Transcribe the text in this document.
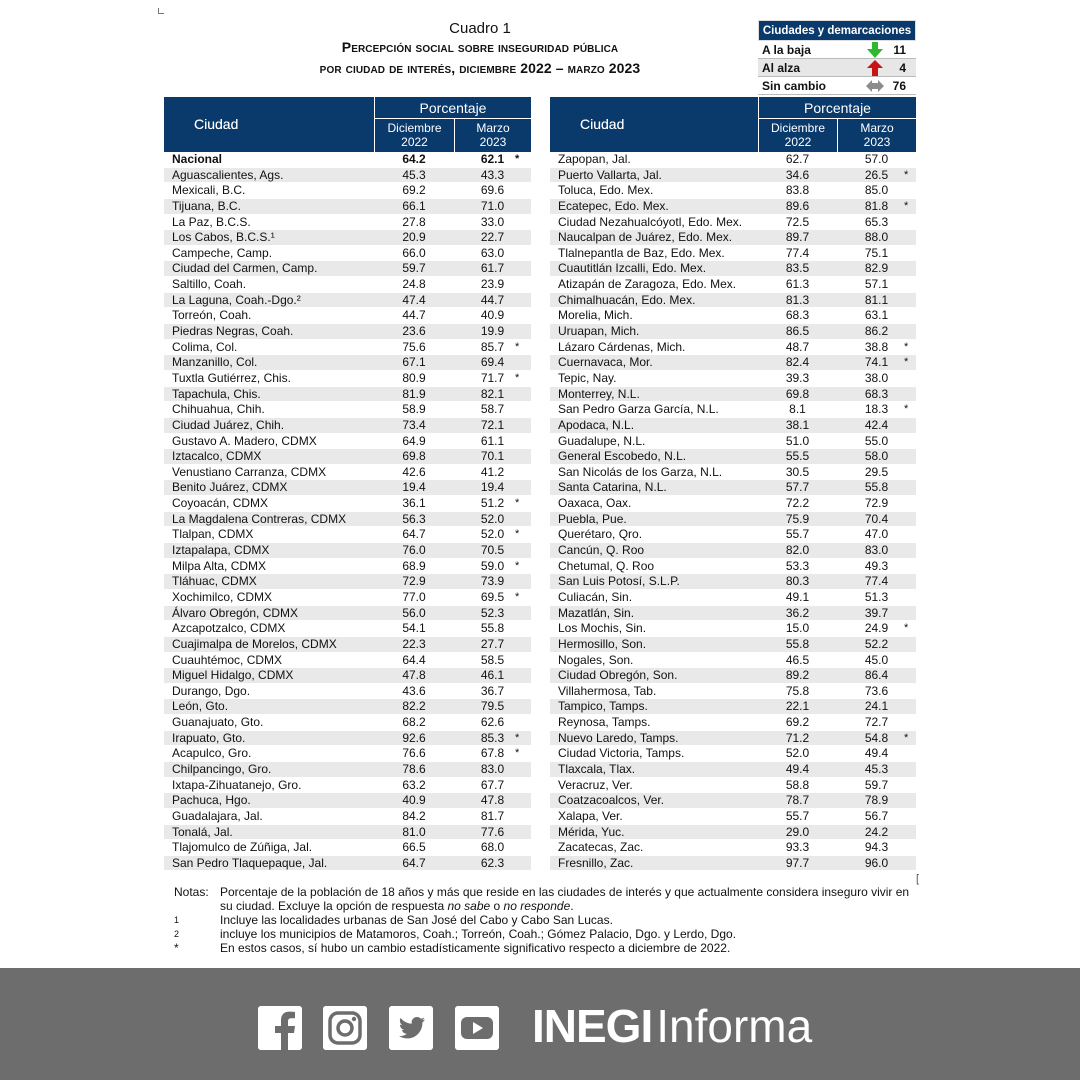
[
Cuadro 1
Percepción social sobre inseguridad pública
por ciudad de interés, diciembre 2022 – marzo 2023
Ciudades y demarcaciones
A la baja	11
Al alza	4
Sin cambio	76
Ciudad
Porcentaje
Diciembre
2022
Marzo
2023
Nacional	64.2	62.1 *
Aguascalientes, Ags.	45.3	43.3
Mexicali, B.C.	69.2	69.6
Tijuana, B.C.	66.1	71.0
La Paz, B.C.S.	27.8	33.0
Los Cabos, B.C.S.¹	20.9	22.7
Campeche, Camp.	66.0	63.0
Ciudad del Carmen, Camp.	59.7	61.7
Saltillo, Coah.	24.8	23.9
La Laguna, Coah.-Dgo.²	47.4	44.7
Torreón, Coah.	44.7	40.9
Piedras Negras, Coah.	23.6	19.9
Colima, Col.	75.6	85.7 *
Manzanillo, Col.	67.1	69.4
Tuxtla Gutiérrez, Chis.	80.9	71.7 *
Tapachula, Chis.	81.9	82.1
Chihuahua, Chih.	58.9	58.7
Ciudad Juárez, Chih.	73.4	72.1
Gustavo A. Madero, CDMX	64.9	61.1
Iztacalco, CDMX	69.8	70.1
Venustiano Carranza, CDMX	42.6	41.2
Benito Juárez, CDMX	19.4	19.4
Coyoacán, CDMX	36.1	51.2 *
La Magdalena Contreras, CDMX	56.3	52.0
Tlalpan, CDMX	64.7	52.0 *
Iztapalapa, CDMX	76.0	70.5
Milpa Alta, CDMX	68.9	59.0 *
Tláhuac, CDMX	72.9	73.9
Xochimilco, CDMX	77.0	69.5 *
Álvaro Obregón, CDMX	56.0	52.3
Azcapotzalco, CDMX	54.1	55.8
Cuajimalpa de Morelos, CDMX	22.3	27.7
Cuauhtémoc, CDMX	64.4	58.5
Miguel Hidalgo, CDMX	47.8	46.1
Durango, Dgo.	43.6	36.7
León, Gto.	82.2	79.5
Guanajuato, Gto.	68.2	62.6
Irapuato, Gto.	92.6	85.3 *
Acapulco, Gro.	76.6	67.8 *
Chilpancingo, Gro.	78.6	83.0
Ixtapa-Zihuatanejo, Gro.	63.2	67.7
Pachuca, Hgo.	40.9	47.8
Guadalajara, Jal.	84.2	81.7
Tonalá, Jal.	81.0	77.6
Tlajomulco de Zúñiga, Jal.	66.5	68.0
San Pedro Tlaquepaque, Jal.	64.7	62.3
Ciudad
Porcentaje
Diciembre
2022
Marzo
2023
Zapopan, Jal.	62.7	57.0
Puerto Vallarta, Jal.	34.6	26.5	*
Toluca, Edo. Mex.	83.8	85.0
Ecatepec, Edo. Mex.	89.6	81.8	*
Ciudad Nezahualcóyotl, Edo. Mex.	72.5	65.3
Naucalpan de Juárez, Edo. Mex.	89.7	88.0
Tlalnepantla de Baz, Edo. Mex.	77.4	75.1
Cuautitlán Izcalli, Edo. Mex.	83.5	82.9
Atizapán de Zaragoza, Edo. Mex.	61.3	57.1
Chimalhuacán, Edo. Mex.	81.3	81.1
Morelia, Mich.	68.3	63.1
Uruapan, Mich.	86.5	86.2
Lázaro Cárdenas, Mich.	48.7	38.8	*
Cuernavaca, Mor.	82.4	74.1	*
Tepic, Nay.	39.3	38.0
Monterrey, N.L.	69.8	68.3
San Pedro Garza García, N.L.	8.1	18.3	*
Apodaca, N.L.	38.1	42.4
Guadalupe, N.L.	51.0	55.0
General Escobedo, N.L.	55.5	58.0
San Nicolás de los Garza, N.L.	30.5	29.5
Santa Catarina, N.L.	57.7	55.8
Oaxaca, Oax.	72.2	72.9
Puebla, Pue.	75.9	70.4
Querétaro, Qro.	55.7	47.0
Cancún, Q. Roo	82.0	83.0
Chetumal, Q. Roo	53.3	49.3
San Luis Potosí, S.L.P.	80.3	77.4
Culiacán, Sin.	49.1	51.3
Mazatlán, Sin.	36.2	39.7
Los Mochis, Sin.	15.0	24.9	*
Hermosillo, Son.	55.8	52.2
Nogales, Son.	46.5	45.0
Ciudad Obregón, Son.	89.2	86.4
Villahermosa, Tab.	75.8	73.6
Tampico, Tamps.	22.1	24.1
Reynosa, Tamps.	69.2	72.7
Nuevo Laredo, Tamps.	71.2	54.8	*
Ciudad Victoria, Tamps.	52.0	49.4
Tlaxcala, Tlax.	49.4	45.3
Veracruz, Ver.	58.8	59.7
Coatzacoalcos, Ver.	78.7	78.9
Xalapa, Ver.	55.7	56.7
Mérida, Yuc.	29.0	24.2
Zacatecas, Zac.	93.3	94.3
Fresnillo, Zac.	97.7	96.0
Notas: Porcentaje de la población de 18 años y más que reside en las ciudades de interés y que actualmente considera inseguro vivir en su ciudad. Excluye la opción de respuesta no sabe o no responde.
1	Incluye las localidades urbanas de San José del Cabo y Cabo San Lucas.
2	incluye los municipios de Matamoros, Coah.; Torreón, Coah.; Gómez Palacio, Dgo. y Lerdo, Dgo.
*	En estos casos, sí hubo un cambio estadísticamente significativo respecto a diciembre de 2022.
INEGIInforma
